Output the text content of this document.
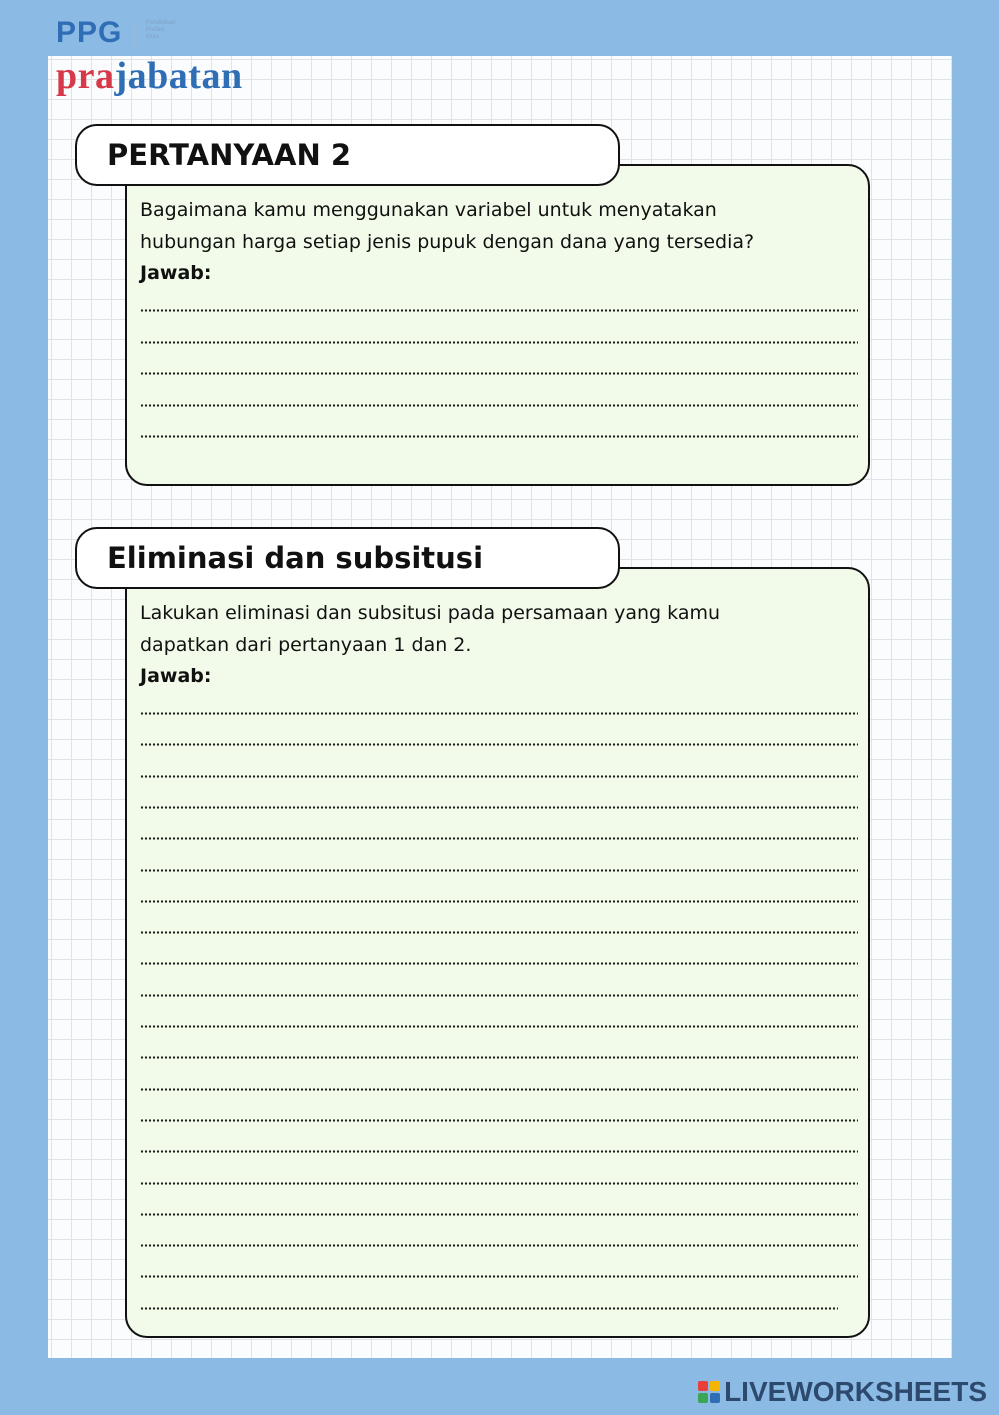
PPG	Pendidikan
Profesi
Guru
prajabatan
PERTANYAAN 2

Bagaimana kamu menggunakan variabel untuk menyatakan

hubungan harga setiap jenis pupuk dengan dana yang tersedia?

Jawab:

Eliminasi dan subsitusi

Lakukan eliminasi dan subsitusi pada persamaan yang kamu

dapatkan dari pertanyaan 1 dan 2.

Jawab:

LIVEWORKSHEETS
